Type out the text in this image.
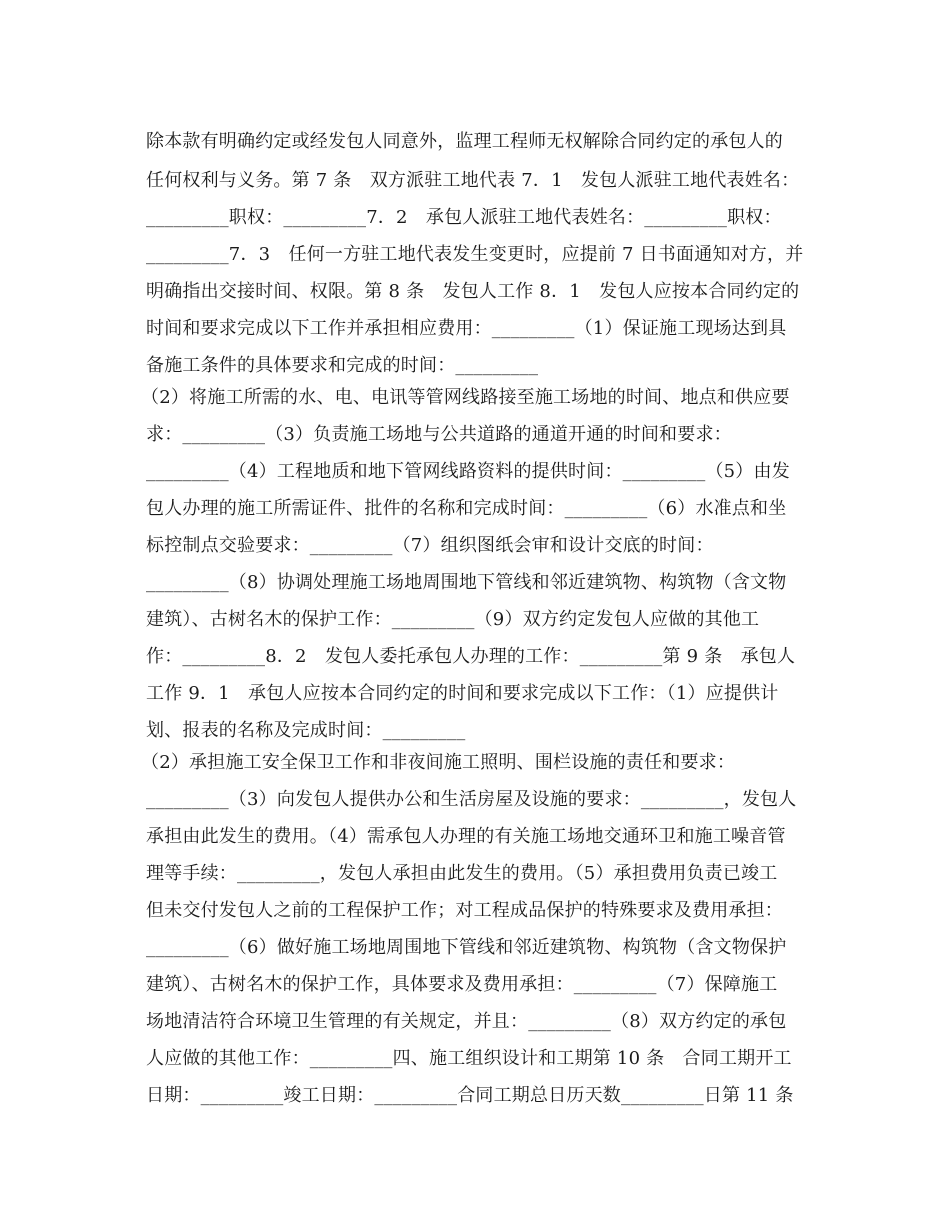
除本款有明确约定或经发包人同意外，监理工程师无权解除合同约定的承包人的
任何权利与义务。第 7 条　双方派驻工地代表 7．1　发包人派驻工地代表姓名：
_________职权：_________7．2　承包人派驻工地代表姓名：_________职权：
_________7．3　任何一方驻工地代表发生变更时，应提前 7 日书面通知对方，并
明确指出交接时间、权限。第 8 条　发包人工作 8．1　发包人应按本合同约定的
时间和要求完成以下工作并承担相应费用：_________（1）保证施工现场达到具
备施工条件的具体要求和完成的时间：_________
（2）将施工所需的水、电、电讯等管网线路接至施工场地的时间、地点和供应要
求：_________（3）负责施工场地与公共道路的通道开通的时间和要求：
_________（4）工程地质和地下管网线路资料的提供时间：_________（5）由发
包人办理的施工所需证件、批件的名称和完成时间：_________（6）水准点和坐
标控制点交验要求：_________（7）组织图纸会审和设计交底的时间：
_________（8）协调处理施工场地周围地下管线和邻近建筑物、构筑物（含文物
建筑）、古树名木的保护工作：_________（9）双方约定发包人应做的其他工
作：_________8．2　发包人委托承包人办理的工作：_________第 9 条　承包人
工作 9．1　承包人应按本合同约定的时间和要求完成以下工作：（1）应提供计
划、报表的名称及完成时间：_________
（2）承担施工安全保卫工作和非夜间施工照明、围栏设施的责任和要求：
_________（3）向发包人提供办公和生活房屋及设施的要求：_________，发包人
承担由此发生的费用。（4）需承包人办理的有关施工场地交通环卫和施工噪音管
理等手续：_________，发包人承担由此发生的费用。（5）承担费用负责已竣工
但未交付发包人之前的工程保护工作；对工程成品保护的特殊要求及费用承担：
_________（6）做好施工场地周围地下管线和邻近建筑物、构筑物（含文物保护
建筑）、古树名木的保护工作，具体要求及费用承担：_________（7）保障施工
场地清洁符合环境卫生管理的有关规定，并且：_________（8）双方约定的承包
人应做的其他工作：_________四、施工组织设计和工期第 10 条　合同工期开工
日期：_________竣工日期：_________合同工期总日历天数_________日第 11 条
